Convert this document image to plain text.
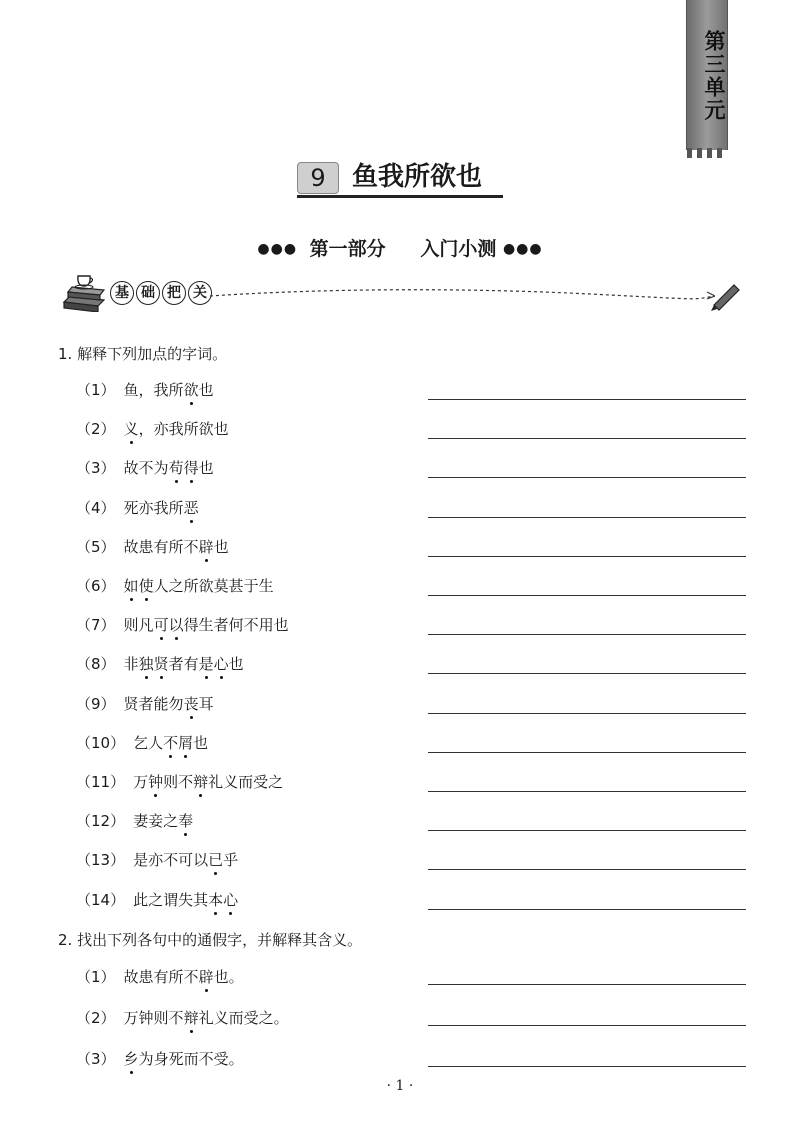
第三单元
9	鱼我所欲也
●●● 第一部分 入门小测 ●●●
基 础 把 关
1. 解释下列加点的字词。
（1） 鱼，我所欲也
（2） 义，亦我所欲也
（3） 故不为苟得也
（4） 死亦我所恶
（5） 故患有所不辟也
（6） 如使人之所欲莫甚于生
（7） 则凡可以得生者何不用也
（8） 非独贤者有是心也
（9） 贤者能勿丧耳
（10） 乞人不屑也
（11） 万钟则不辩礼义而受之
（12） 妻妾之奉
（13） 是亦不可以已乎
（14） 此之谓失其本心
2. 找出下列各句中的通假字，并解释其含义。
（1） 故患有所不辟也。
（2） 万钟则不辩礼义而受之。
（3） 乡为身死而不受。
· 1 ·
